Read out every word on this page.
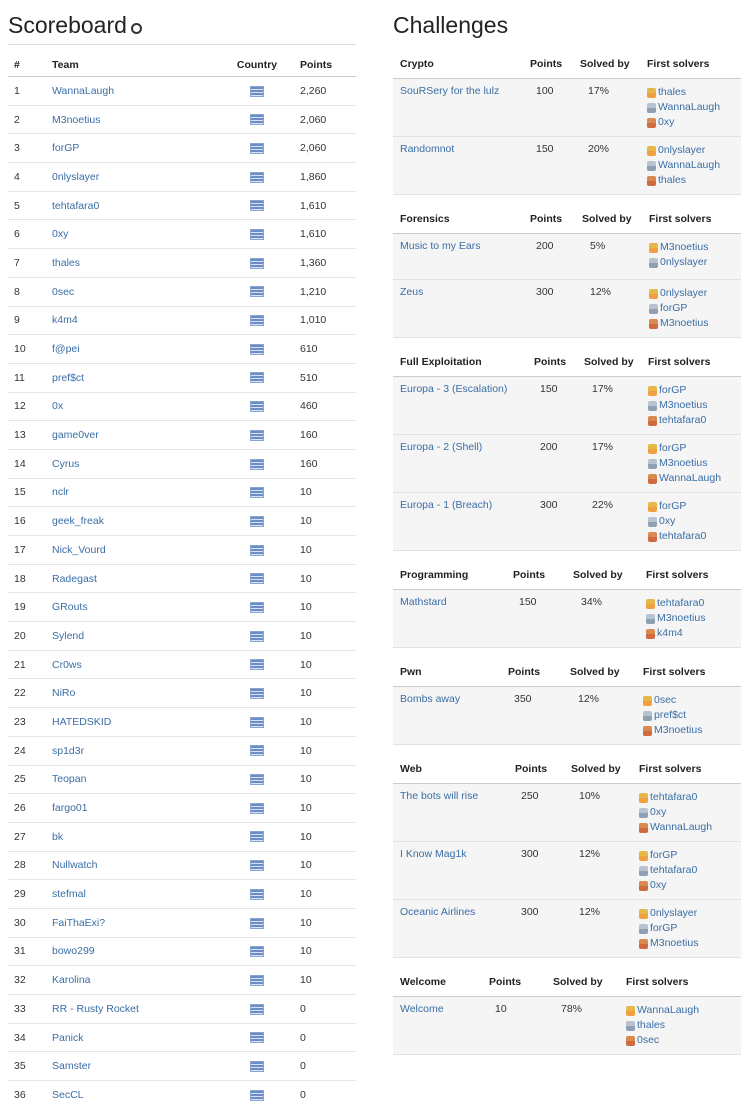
Scoreboard
#	Team	Country	Points
1	WannaLaugh		2,260
2	M3noetius		2,060
3	forGP		2,060
4	0nlyslayer		1,860
5	tehtafara0		1,610
6	0xy		1,610
7	thales		1,360
8	0sec		1,210
9	k4m4		1,010
10	f@pei		610
11	pref$ct		510
12	0x		460
13	game0ver		160
14	Cyrus		160
15	nclr		10
16	geek_freak		10
17	Nick_Vourd		10
18	Radegast		10
19	GRouts		10
20	Sylend		10
21	Cr0ws		10
22	NiRo		10
23	HATEDSKID		10
24	sp1d3r		10
25	Teopan		10
26	fargo01		10
27	bk		10
28	Nullwatch		10
29	stefmal		10
30	FaiThaExi?		10
31	bowo299		10
32	Karolina		10
33	RR - Rusty Rocket		0
34	Panick		0
35	Samster		0
36	SecCL		0
Challenges
Crypto	Points	Solved by	First solvers
SouRSery for the lulz	100	17%	thales
WannaLaugh
0xy
Randomnot	150	20%	0nlyslayer
WannaLaugh
thales
Forensics	Points	Solved by	First solvers
Music to my Ears	200	5%	M3noetius
0nlyslayer
Zeus	300	12%	0nlyslayer
forGP
M3noetius
Full Exploitation	Points	Solved by	First solvers
Europa - 3 (Escalation)	150	17%	forGP
M3noetius
tehtafara0
Europa - 2 (Shell)	200	17%	forGP
M3noetius
WannaLaugh
Europa - 1 (Breach)	300	22%	forGP
0xy
tehtafara0
Programming	Points	Solved by	First solvers
Mathstard	150	34%	tehtafara0
M3noetius
k4m4
Pwn	Points	Solved by	First solvers
Bombs away	350	12%	0sec
pref$ct
M3noetius
Web	Points	Solved by	First solvers
The bots will rise	250	10%	tehtafara0
0xy
WannaLaugh
I Know Mag1k	300	12%	forGP
tehtafara0
0xy
Oceanic Airlines	300	12%	0nlyslayer
forGP
M3noetius
Welcome	Points	Solved by	First solvers
Welcome	10	78%	WannaLaugh
thales
0sec
